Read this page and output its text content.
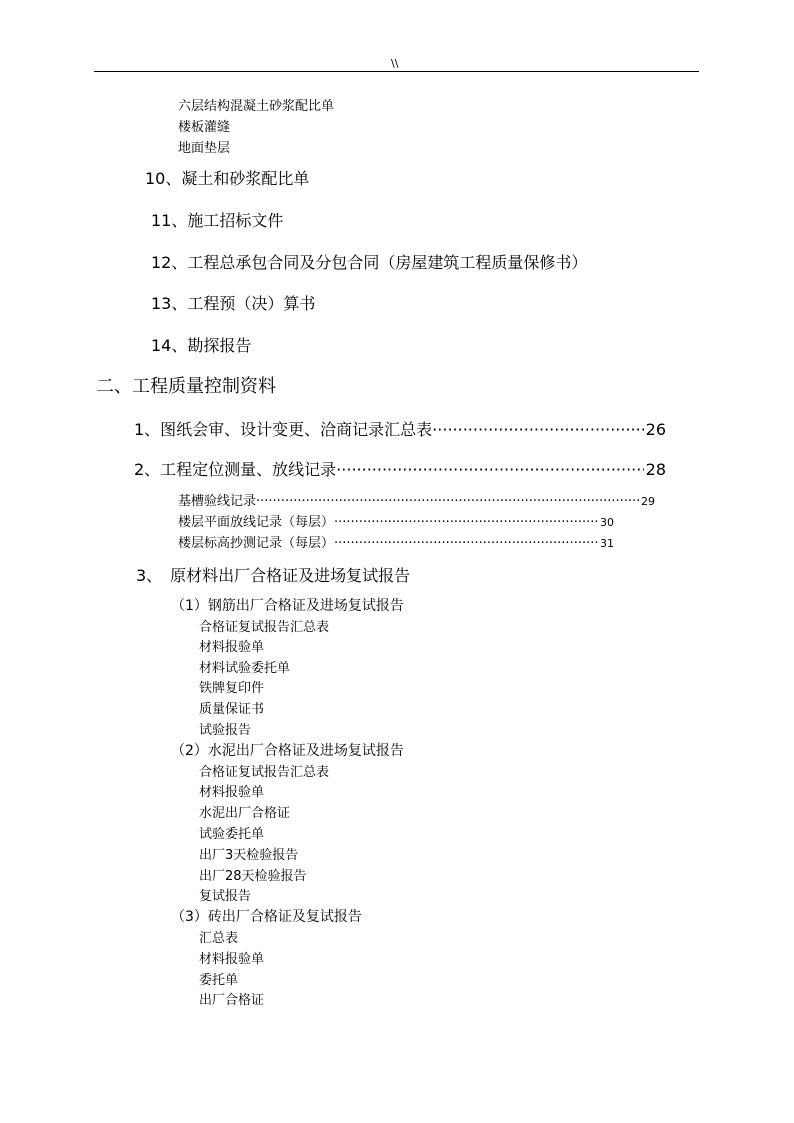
\\
六层结构混凝土砂浆配比单
楼板灌缝
地面垫层
10、凝土和砂浆配比单
11、施工招标文件
12、工程总承包合同及分包合同（房屋建筑工程质量保修书）
13、工程预（决）算书
14、勘探报告
二、工程质量控制资料
1、图纸会审、设计变更、洽商记录汇总表 ·····	26
2、工程定位测量、放线记录 ·····	28
基槽验线记录 ·····	29
楼层平面放线记录（每层） ·····	30
楼层标高抄测记录（每层） ·····	31
3、　原材料出厂合格证及进场复试报告
（1）钢筋出厂合格证及进场复试报告
合格证复试报告汇总表
材料报验单
材料试验委托单
铁牌复印件
质量保证书
试验报告
（2）水泥出厂合格证及进场复试报告
合格证复试报告汇总表
材料报验单
水泥出厂合格证
试验委托单
出厂3天检验报告
出厂28天检验报告
复试报告
（3）砖出厂合格证及复试报告
汇总表
材料报验单
委托单
出厂合格证
